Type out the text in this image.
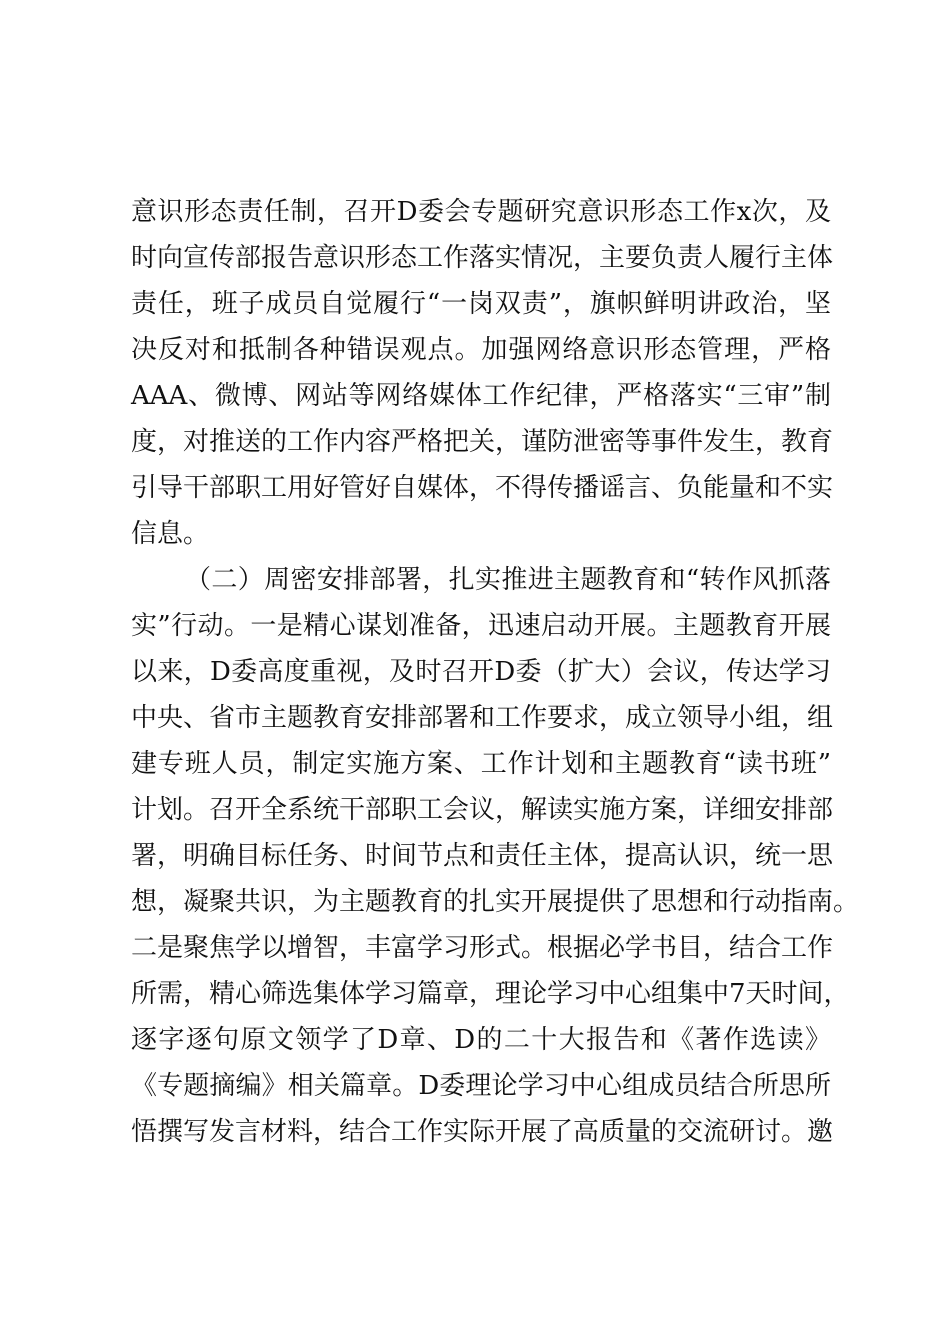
意识形态责任制，召开D委会专题研究意识形态工作x次，及
时向宣传部报告意识形态工作落实情况，主要负责人履行主体
责任，班子成员自觉履行“一岗双责”，旗帜鲜明讲政治，坚
决反对和抵制各种错误观点。加强网络意识形态管理，严格
AAA、微博、网站等网络媒体工作纪律，严格落实“三审”制
度，对推送的工作内容严格把关，谨防泄密等事件发生，教育
引导干部职工用好管好自媒体，不得传播谣言、负能量和不实
信息。
（二）周密安排部署，扎实推进主题教育和“转作风抓落
实”行动。一是精心谋划准备，迅速启动开展。主题教育开展
以来，D委高度重视，及时召开D委（扩大）会议，传达学习
中央、省市主题教育安排部署和工作要求，成立领导小组，组
建专班人员，制定实施方案、工作计划和主题教育“读书班”
计划。召开全系统干部职工会议，解读实施方案，详细安排部
署，明确目标任务、时间节点和责任主体，提高认识，统一思
想，凝聚共识，为主题教育的扎实开展提供了思想和行动指南。
二是聚焦学以增智，丰富学习形式。根据必学书目，结合工作
所需，精心筛选集体学习篇章，理论学习中心组集中7天时间，
逐字逐句原文领学了D章、D的二十大报告和《著作选读》
《专题摘编》相关篇章。D委理论学习中心组成员结合所思所
悟撰写发言材料，结合工作实际开展了高质量的交流研讨。邀
